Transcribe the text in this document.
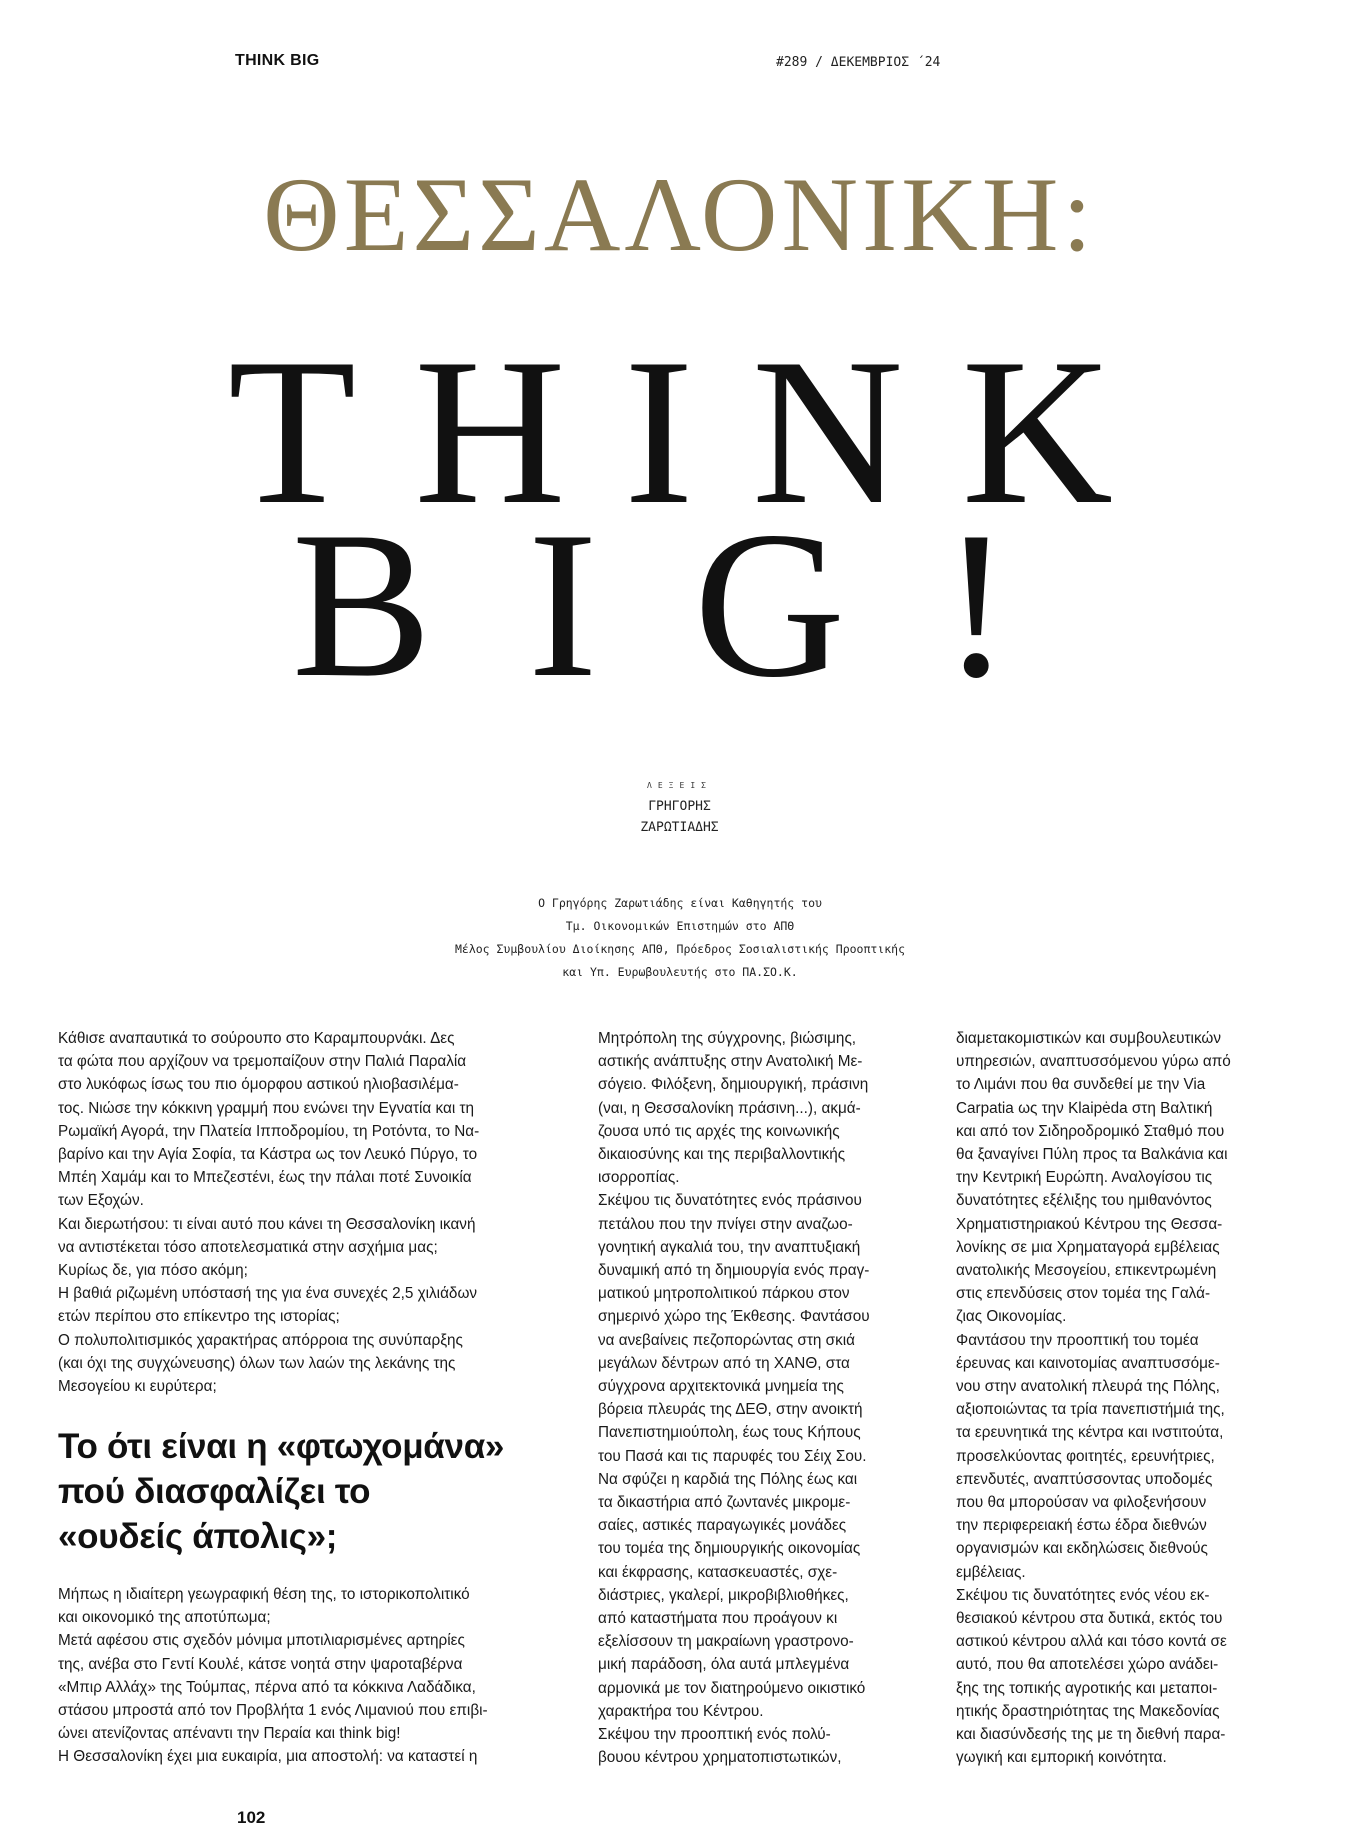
THINK BIG	#289 / ΔΕΚΕΜΒΡΙΟΣ ΄24
ΘΕΣΣΑΛΟΝΙΚΗ:
THINK
BIG!
ΛΕΞΕΙΣ
ΓΡΗΓΟΡΗΣ
ΖΑΡΩΤΙΑΔΗΣ
Ο Γρηγόρης Ζαρωτιάδης είναι Καθηγητής του
Τμ. Οικονομικών Επιστημών στο ΑΠΘ
Μέλος Συμβουλίου Διοίκησης ΑΠΘ, Πρόεδρος Σοσιαλιστικής Προοπτικής
και Υπ. Ευρωβουλευτής στο ΠΑ.ΣΟ.Κ.
Κάθισε αναπαυτικά το σούρουπο στο Καραμπουρνάκι. Δες
τα φώτα που αρχίζουν να τρεμοπαίζουν στην Παλιά Παραλία
στο λυκόφως ίσως του πιο όμορφου αστικού ηλιοβασιλέμα-
τος. Νιώσε την κόκκινη γραμμή που ενώνει την Εγνατία και τη
Ρωμαϊκή Αγορά, την Πλατεία Ιπποδρομίου, τη Ροτόντα, το Να-
βαρίνο και την Αγία Σοφία, τα Κάστρα ως τον Λευκό Πύργο, το
Μπέη Χαμάμ και το Μπεζεστένι, έως την πάλαι ποτέ Συνοικία
των Εξοχών.
Και διερωτήσου: τι είναι αυτό που κάνει τη Θεσσαλονίκη ικανή
να αντιστέκεται τόσο αποτελεσματικά στην ασχήμια μας;
Κυρίως δε, για πόσο ακόμη;
Η βαθιά ριζωμένη υπόστασή της για ένα συνεχές 2,5 χιλιάδων
ετών περίπου στο επίκεντρο της ιστορίας;
Ο πολυπολιτισμικός χαρακτήρας απόρροια της συνύπαρξης
(και όχι της συγχώνευσης) όλων των λαών της λεκάνης της
Μεσογείου κι ευρύτερα;
Το ότι είναι η «φτωχομάνα»
πού διασφαλίζει το
«ουδείς άπολις»;
Μήπως η ιδιαίτερη γεωγραφική θέση της, το ιστορικοπολιτικό
και οικονομικό της αποτύπωμα;
Μετά αφέσου στις σχεδόν μόνιμα μποτιλιαρισμένες αρτηρίες
της, ανέβα στο Γεντί Κουλέ, κάτσε νοητά στην ψαροταβέρνα
«Μπιρ Αλλάχ» της Τούμπας, πέρνα από τα κόκκινα Λαδάδικα,
στάσου μπροστά από τον Προβλήτα 1 ενός Λιμανιού που επιβι-
ώνει ατενίζοντας απέναντι την Περαία και think big!
Η Θεσσαλονίκη έχει μια ευκαιρία, μια αποστολή: να καταστεί η
Μητρόπολη της σύγχρονης, βιώσιμης,
αστικής ανάπτυξης στην Ανατολική Με-
σόγειο. Φιλόξενη, δημιουργική, πράσινη
(ναι, η Θεσσαλονίκη πράσινη...), ακμά-
ζουσα υπό τις αρχές της κοινωνικής
δικαιοσύνης και της περιβαλλοντικής
ισορροπίας.
Σκέψου τις δυνατότητες ενός πράσινου
πετάλου που την πνίγει στην αναζωο-
γονητική αγκαλιά του, την αναπτυξιακή
δυναμική από τη δημιουργία ενός πραγ-
ματικού μητροπολιτικού πάρκου στον
σημερινό χώρο της Έκθεσης. Φαντάσου
να ανεβαίνεις πεζοπορώντας στη σκιά
μεγάλων δέντρων από τη ΧΑΝΘ, στα
σύγχρονα αρχιτεκτονικά μνημεία της
βόρεια πλευράς της ΔΕΘ, στην ανοικτή
Πανεπιστημιούπολη, έως τους Κήπους
του Πασά και τις παρυφές του Σέιχ Σου.
Να σφύζει η καρδιά της Πόλης έως και
τα δικαστήρια από ζωντανές μικρομε-
σαίες, αστικές παραγωγικές μονάδες
του τομέα της δημιουργικής οικονομίας
και έκφρασης, κατασκευαστές, σχε-
διάστριες, γκαλερί, μικροβιβλιοθήκες,
από καταστήματα που προάγουν κι
εξελίσσουν τη μακραίωνη γραστρονο-
μική παράδοση, όλα αυτά μπλεγμένα
αρμονικά με τον διατηρούμενο οικιστικό
χαρακτήρα του Κέντρου.
Σκέψου την προοπτική ενός πολύ-
βουου κέντρου χρηματοπιστωτικών,
διαμετακομιστικών και συμβουλευτικών
υπηρεσιών, αναπτυσσόμενου γύρω από
το Λιμάνι που θα συνδεθεί με την Via
Carpatia ως την Klaipėda στη Βαλτική
και από τον Σιδηροδρομικό Σταθμό που
θα ξαναγίνει Πύλη προς τα Βαλκάνια και
την Κεντρική Ευρώπη. Αναλογίσου τις
δυνατότητες εξέλιξης του ημιθανόντος
Χρηματιστηριακού Κέντρου της Θεσσα-
λονίκης σε μια Χρηματαγορά εμβέλειας
ανατολικής Μεσογείου, επικεντρωμένη
στις επενδύσεις στον τομέα της Γαλά-
ζιας Οικονομίας.
Φαντάσου την προοπτική του τομέα
έρευνας και καινοτομίας αναπτυσσόμε-
νου στην ανατολική πλευρά της Πόλης,
αξιοποιώντας τα τρία πανεπιστήμιά της,
τα ερευνητικά της κέντρα και ινστιτούτα,
προσελκύοντας φοιτητές, ερευνήτριες,
επενδυτές, αναπτύσσοντας υποδομές
που θα μπορούσαν να φιλοξενήσουν
την περιφερειακή έστω έδρα διεθνών
οργανισμών και εκδηλώσεις διεθνούς
εμβέλειας.
Σκέψου τις δυνατότητες ενός νέου εκ-
θεσιακού κέντρου στα δυτικά, εκτός του
αστικού κέντρου αλλά και τόσο κοντά σε
αυτό, που θα αποτελέσει χώρο ανάδει-
ξης της τοπικής αγροτικής και μεταποι-
ητικής δραστηριότητας της Μακεδονίας
και διασύνδεσής της με τη διεθνή παρα-
γωγική και εμπορική κοινότητα.
102
